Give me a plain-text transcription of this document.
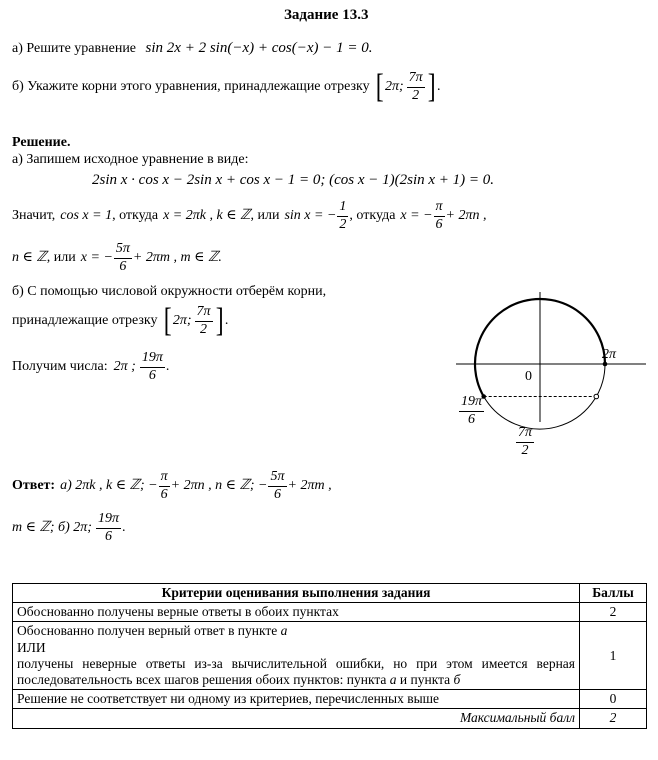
Задание 13.3
а) Решите уравнение sin 2x + 2 sin(−x) + cos(−x) − 1 = 0.
б) Укажите корни этого уравнения, принадлежащие отрезку [ 2π; $\frac{7\pi}{2}$ ] .
Решение.
а) Запишем исходное уравнение в виде:
2sin x · cos x − 2sin x + cos x − 1 = 0; (cos x − 1)(2sin x + 1) = 0.
Значит, cos x = 1 , откуда x = 2πk , k ∈ ℤ , или sin x = − $\frac{1}{2}$ , откуда x = − $\frac{\pi}{6} + 2\pi n$ ,
n ∈ ℤ , или x = − $\frac{5\pi}{6} + 2\pi m$ , m ∈ ℤ.
б) С помощью числовой окружности отберём корни,
принадлежащие отрезку [ 2π; $\frac{7\pi}{2}$ ] .
Получим числа: 2π ; $\frac{19\pi}{6}$ .
0
2π
$\frac{19\pi}{6}$
$\frac{7\pi}{2}$
Ответ: а) 2πk , k ∈ ℤ; − $\frac{\pi}{6} + 2\pi n$ , n ∈ ℤ; − $\frac{5\pi}{6} + 2\pi m$ ,
m ∈ ℤ; б) 2π; $\frac{19\pi}{6}$ .
Критерии оценивания выполнения задания	Баллы
Обоснованно получены верные ответы в обоих пунктах	2

Обоснованно получен верный ответ в пункте а
ИЛИ
получены неверные ответы из-за вычислительной ошибки, но при этом имеется верная последовательность всех шагов решения обоих пунктов: пункта а и пункта б	1
Решение не соответствует ни одному из критериев, перечисленных выше	0
Максимальный балл	2
